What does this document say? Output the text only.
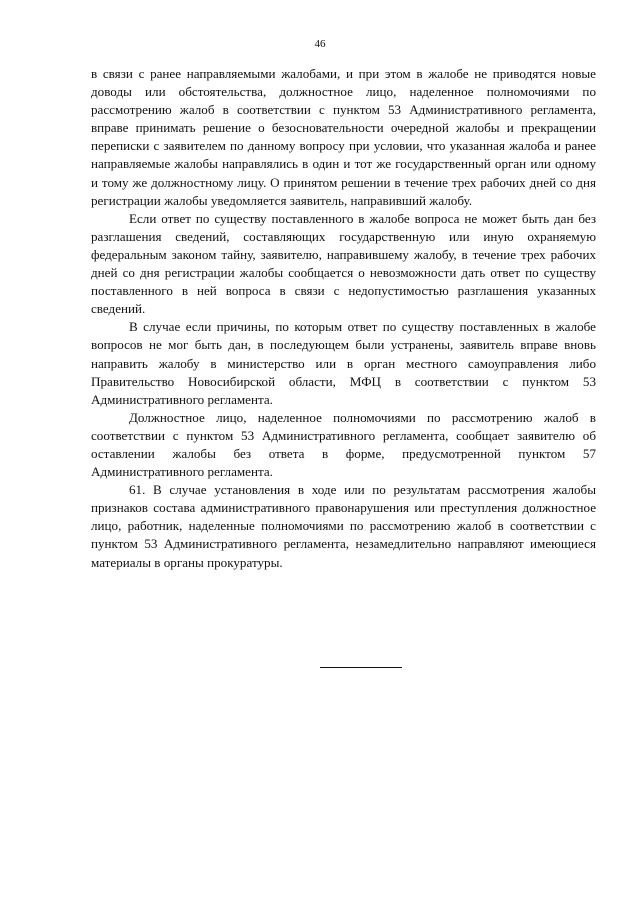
46

в связи с ранее направляемыми жалобами, и при этом в жалобе не приводятся новые доводы или обстоятельства, должностное лицо, наделенное полномочиями по рассмотрению жалоб в соответствии с пунктом 53 Административного регламента, вправе принимать решение о безосновательности очередной жалобы и прекращении переписки с заявителем по данному вопросу при условии, что указанная жалоба и ранее направляемые жалобы направлялись в один и тот же государственный орган или одному и тому же должностному лицу. О принятом решении в течение трех рабочих дней со дня регистрации жалобы уведомляется заявитель, направивший жалобу.

Если ответ по существу поставленного в жалобе вопроса не может быть дан без разглашения сведений, составляющих государственную или иную охраняемую федеральным законом тайну, заявителю, направившему жалобу, в течение трех рабочих дней со дня регистрации жалобы сообщается о невозможности дать ответ по существу поставленного в ней вопроса в связи с недопустимостью разглашения указанных сведений.

В случае если причины, по которым ответ по существу поставленных в жалобе вопросов не мог быть дан, в последующем были устранены, заявитель вправе вновь направить жалобу в министерство или в орган местного самоуправления либо Правительство Новосибирской области, МФЦ в соответствии с пунктом 53 Административного регламента.

Должностное лицо, наделенное полномочиями по рассмотрению жалоб в соответствии с пунктом 53 Административного регламента, сообщает заявителю об оставлении жалобы без ответа в форме, предусмотренной пунктом 57 Административного регламента.

61. В случае установления в ходе или по результатам рассмотрения жалобы признаков состава административного правонарушения или преступления должностное лицо, работник, наделенные полномочиями по рассмотрению жалоб в соответствии с пунктом 53 Административного регламента, незамедлительно направляют имеющиеся материалы в органы прокуратуры.
